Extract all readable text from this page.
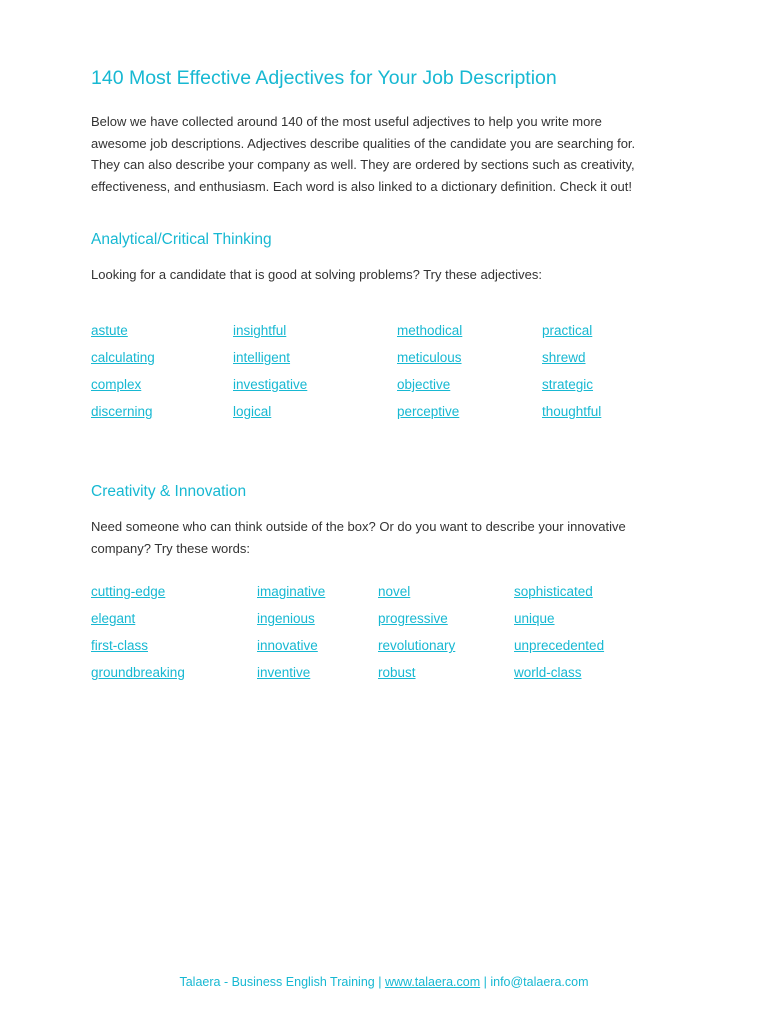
140 Most Effective Adjectives for Your Job Description

Below we have collected around 140 of the most useful adjectives to help you write more awesome job descriptions. Adjectives describe qualities of the candidate you are searching for. They can also describe your company as well. They are ordered by sections such as creativity, effectiveness, and enthusiasm. Each word is also linked to a dictionary definition. Check it out!

Analytical/Critical Thinking

Looking for a candidate that is good at solving problems? Try these adjectives:

astute
calculating
complex
discerning
insightful
intelligent
investigative
logical
methodical
meticulous
objective
perceptive
practical
shrewd
strategic
thoughtful
Creativity & Innovation

Need someone who can think outside of the box? Or do you want to describe your innovative company? Try these words:

cutting-edge
elegant
first-class
groundbreaking
imaginative
ingenious
innovative
inventive
novel
progressive
revolutionary
robust
sophisticated
unique
unprecedented
world-class
Talaera - Business English Training | www.talaera.com | info@talaera.com
